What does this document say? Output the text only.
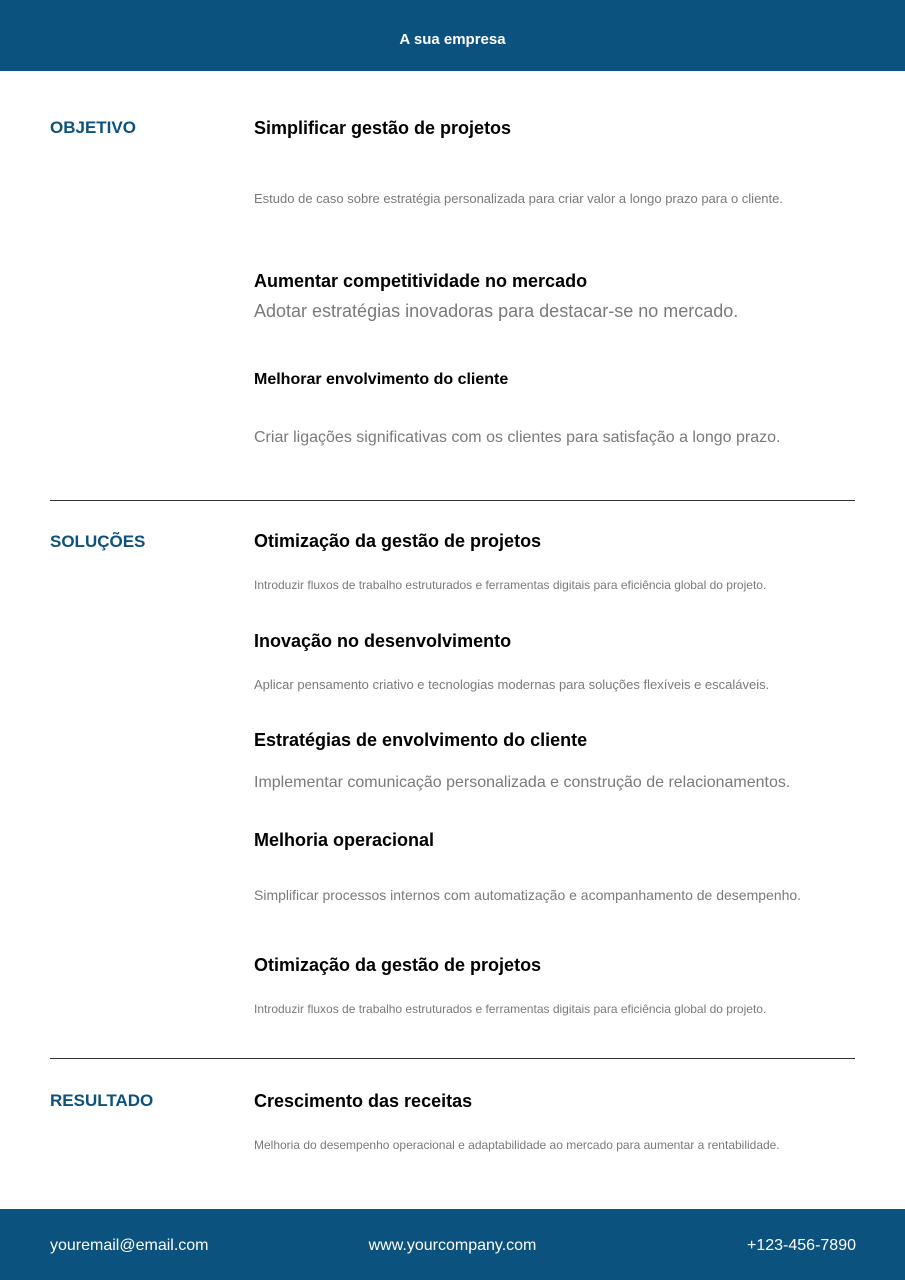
A sua empresa
OBJETIVO	Simplificar gestão de projetos
Estudo de caso sobre estratégia personalizada para criar valor a longo prazo para o cliente.
Aumentar competitividade no mercado
Adotar estratégias inovadoras para destacar-se no mercado.
Melhorar envolvimento do cliente
Criar ligações significativas com os clientes para satisfação a longo prazo.
SOLUÇÕES	Otimização da gestão de projetos
Introduzir fluxos de trabalho estruturados e ferramentas digitais para eficiência global do projeto.
Inovação no desenvolvimento
Aplicar pensamento criativo e tecnologias modernas para soluções flexíveis e escaláveis.
Estratégias de envolvimento do cliente
Implementar comunicação personalizada e construção de relacionamentos.
Melhoria operacional
Simplificar processos internos com automatização e acompanhamento de desempenho.
Otimização da gestão de projetos
Introduzir fluxos de trabalho estruturados e ferramentas digitais para eficiência global do projeto.
RESULTADO	Crescimento das receitas
Melhoria do desempenho operacional e adaptabilidade ao mercado para aumentar a rentabilidade.
youremail@email.com	www.yourcompany.com	+123-456-7890
